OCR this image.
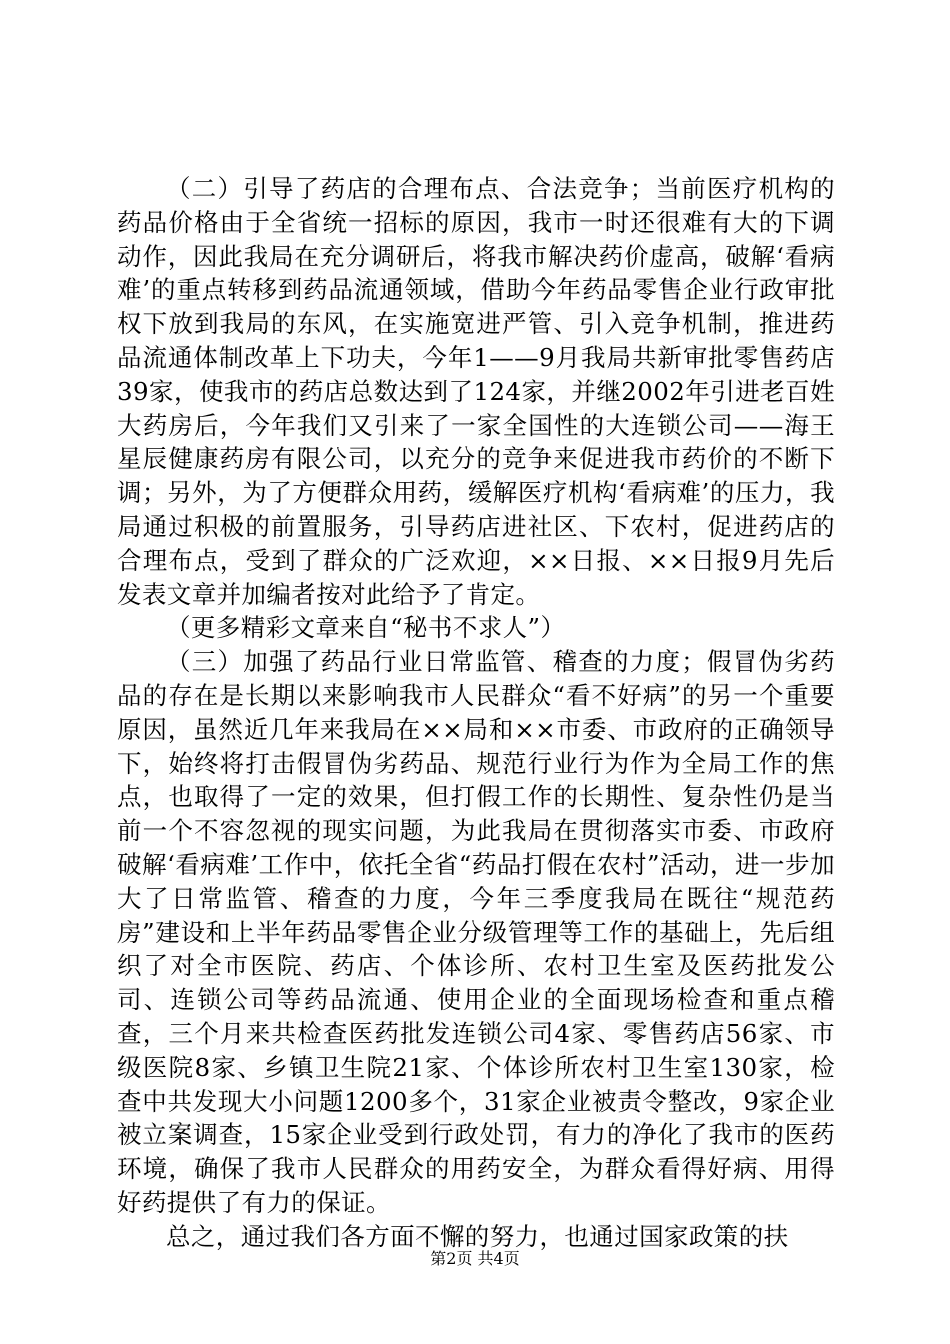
（二）引导了药店的合理布点、合法竞争；当前医疗机构的药品价格由于全省统一招标的原因，我市一时还很难有大的下调动作，因此我局在充分调研后，将我市解决药价虚高，破解‘看病难’的重点转移到药品流通领域，借助今年药品零售企业行政审批权下放到我局的东风，在实施宽进严管、引入竞争机制，推进药品流通体制改革上下功夫，今年1——9月我局共新审批零售药店39家，使我市的药店总数达到了124家，并继2002年引进老百姓大药房后，今年我们又引来了一家全国性的大连锁公司——海王星辰健康药房有限公司，以充分的竞争来促进我市药价的不断下调；另外，为了方便群众用药，缓解医疗机构‘看病难’的压力，我局通过积极的前置服务，引导药店进社区、下农村，促进药店的合理布点，受到了群众的广泛欢迎，××日报、××日报9月先后发表文章并加编者按对此给予了肯定。

（更多精彩文章来自“秘书不求人”）

（三）加强了药品行业日常监管、稽查的力度；假冒伪劣药品的存在是长期以来影响我市人民群众“看不好病”的另一个重要原因，虽然近几年来我局在××局和××市委、市政府的正确领导下，始终将打击假冒伪劣药品、规范行业行为作为全局工作的焦点，也取得了一定的效果，但打假工作的长期性、复杂性仍是当前一个不容忽视的现实问题，为此我局在贯彻落实市委、市政府破解‘看病难’工作中，依托全省“药品打假在农村”活动，进一步加大了日常监管、稽查的力度，今年三季度我局在既往“规范药房”建设和上半年药品零售企业分级管理等工作的基础上，先后组织了对全市医院、药店、个体诊所、农村卫生室及医药批发公司、连锁公司等药品流通、使用企业的全面现场检查和重点稽查，三个月来共检查医药批发连锁公司4家、零售药店56家、市级医院8家、乡镇卫生院21家、个体诊所农村卫生室130家，检查中共发现大小问题1200多个，31家企业被责令整改，9家企业被立案调查，15家企业受到行政处罚，有力的净化了我市的医药环境，确保了我市人民群众的用药安全，为群众看得好病、用得好药提供了有力的保证。

总之，通过我们各方面不懈的努力，也通过国家政策的扶

第2页 共4页
